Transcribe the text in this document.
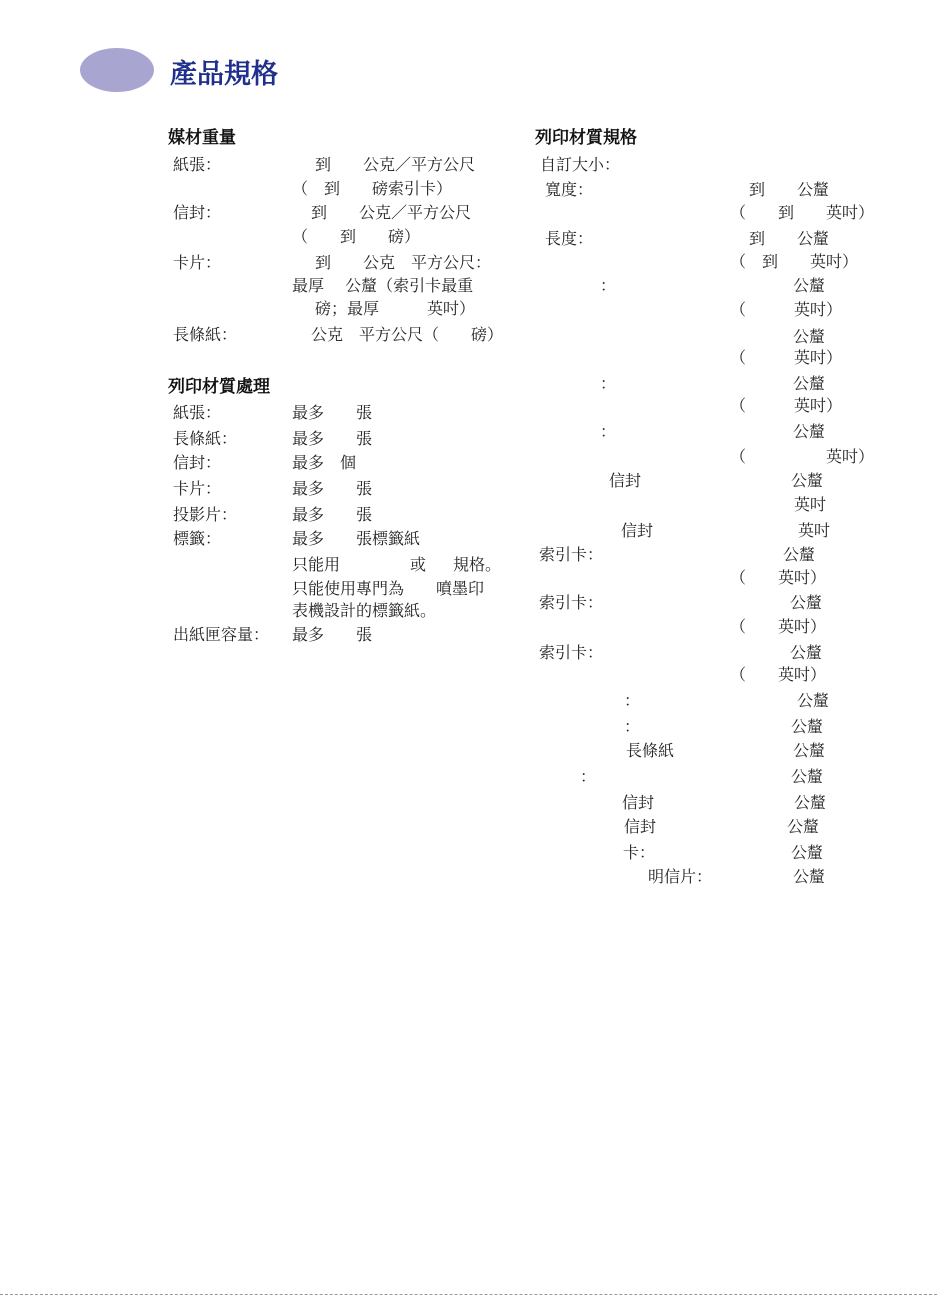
產品規格
媒材重量
紙張：	到　　公克／平方公尺
（　到　　磅索引卡）
信封：	到　　公克／平方公尺
（　　到　　磅）
卡片：	到　　公克　平方公尺：
最厚　 公釐（索引卡最重
磅；最厚　　　英吋）
長條紙：	公克　平方公尺（　　磅）
列印材質處理
紙張：	最多　　張
長條紙：	最多　　張
信封：	最多　個
卡片：	最多　　張
投影片：	最多　　張
標籤：	最多　　張標籤紙
只能用	或 規格。
只能使用專門為　　噴墨印
表機設計的標籤紙。
出紙匣容量： 最多　　張
列印材質規格
自訂大小：
寬度：	到　　公釐
（　　到　　英吋）
長度：	到　　公釐
（　到　　英吋）
：	公釐
（　　　英吋）
公釐
（　　　英吋）
：	公釐
（　　　英吋）
：	公釐
（　　　　　英吋）
信封	公釐
英吋
信封	英吋
索引卡：	公釐
（　　英吋）
索引卡：	公釐
（　　英吋）
索引卡：	公釐
（　　英吋）
：	公釐
：	公釐
長條紙	公釐
：	公釐
信封	公釐
信封	公釐
卡：	公釐
明信片：	公釐
